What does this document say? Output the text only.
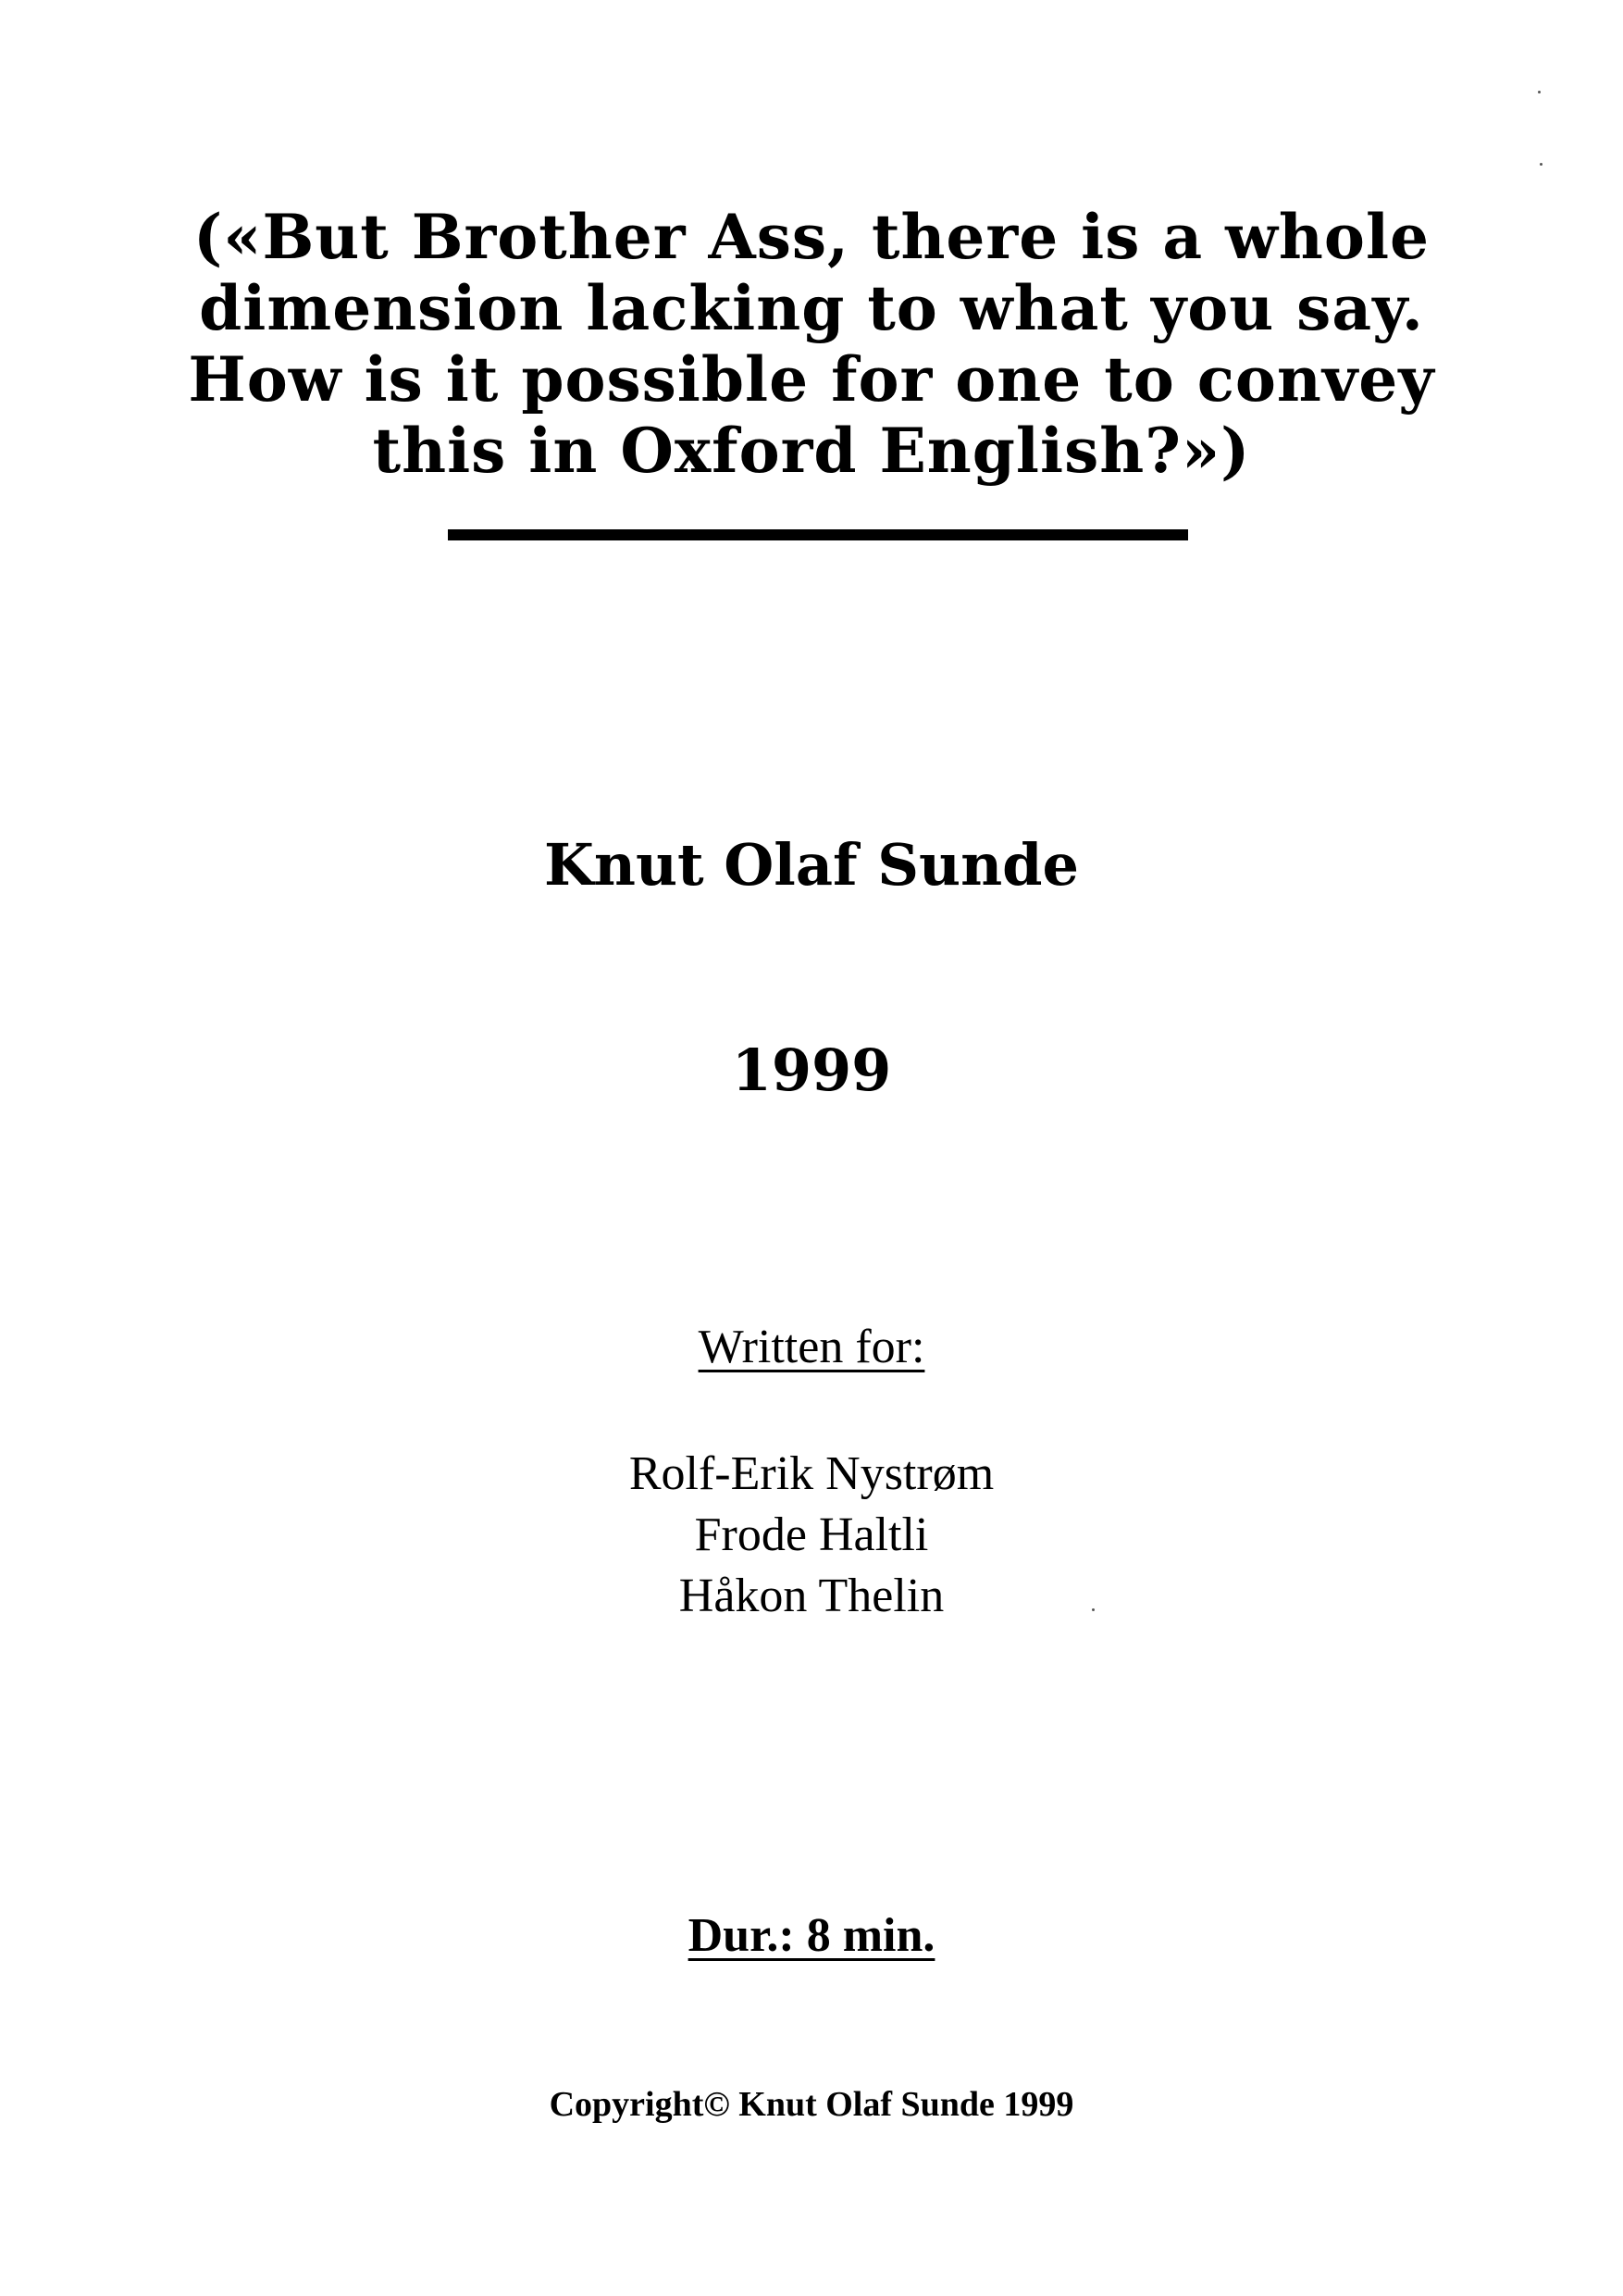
(«But Brother Ass, there is a whole
dimension lacking to what you say.
How is it possible for one to convey
this in Oxford English?»)
Knut Olaf Sunde
1999
Written for:
Rolf-Erik Nystrøm
Frode Haltli
Håkon Thelin
Dur.: 8 min.
Copyright© Knut Olaf Sunde 1999
